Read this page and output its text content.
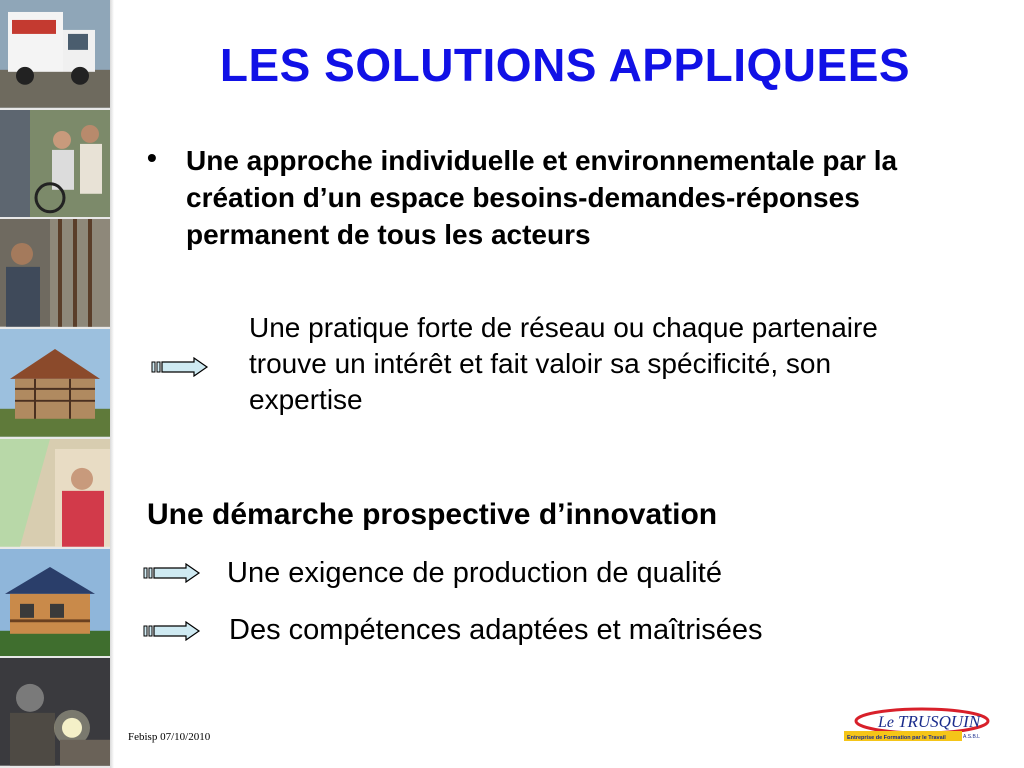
LES SOLUTIONS APPLIQUEES
• Une approche individuelle et environnementale par la création d’un espace besoins-demandes-réponses permanent de tous les acteurs
Une pratique forte de réseau ou chaque partenaire trouve un intérêt et fait valoir sa spécificité, son expertise
Une démarche prospective d’innovation
Une exigence de production de qualité
Des compétences adaptées et maîtrisées
Febisp 07/10/2010
Le TRUSQUIN
A.S.B.L
Entreprise de Formation par le Travail
